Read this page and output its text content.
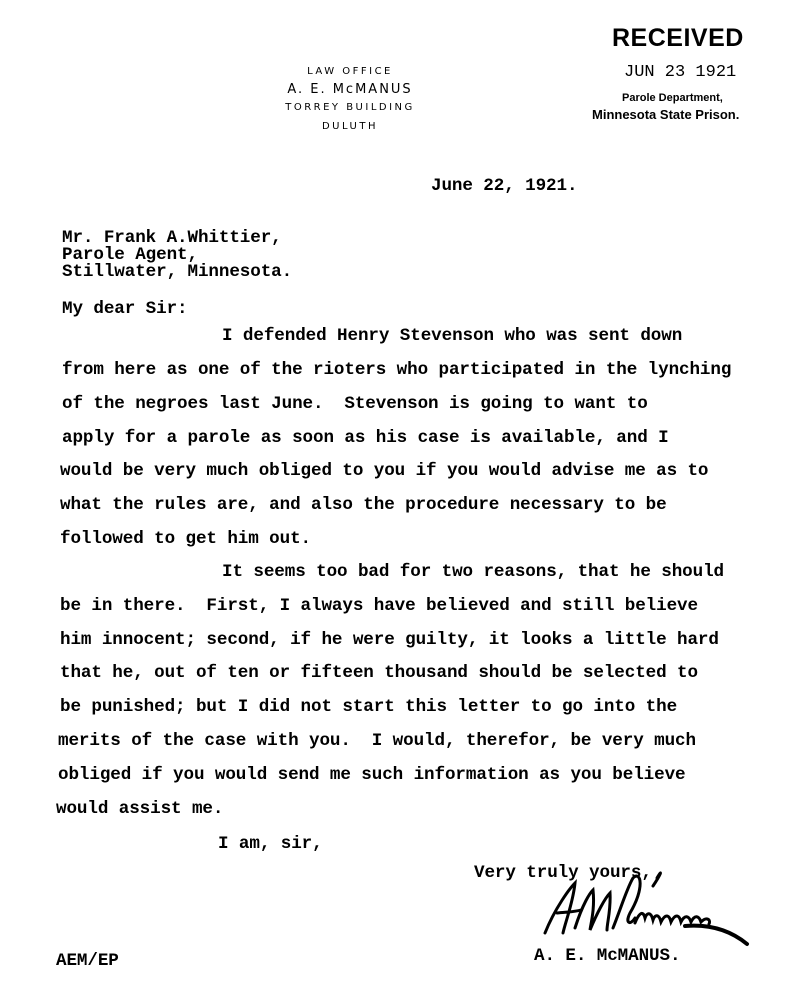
LAW OFFICE
A. E. McMANUS
TORREY BUILDING
DULUTH
RECEIVED
JUN 23 1921
Parole Department,
Minnesota State Prison.
June 22, 1921.
Mr. Frank A.Whittier,
Parole Agent,
Stillwater, Minnesota.
My dear Sir:
I defended Henry Stevenson who was sent down
from here as one of the rioters who participated in the lynching
of the negroes last June.  Stevenson is going to want to
apply for a parole as soon as his case is available, and I
would be very much obliged to you if you would advise me as to
what the rules are, and also the procedure necessary to be
followed to get him out.
It seems too bad for two reasons, that he should
be in there.  First, I always have believed and still believe
him innocent; second, if he were guilty, it looks a little hard
that he, out of ten or fifteen thousand should be selected to
be punished; but I did not start this letter to go into the
merits of the case with you.  I would, therefor, be very much
obliged if you would send me such information as you believe
would assist me.
I am, sir,
Very truly yours,
A. E. McMANUS.
AEM/EP
